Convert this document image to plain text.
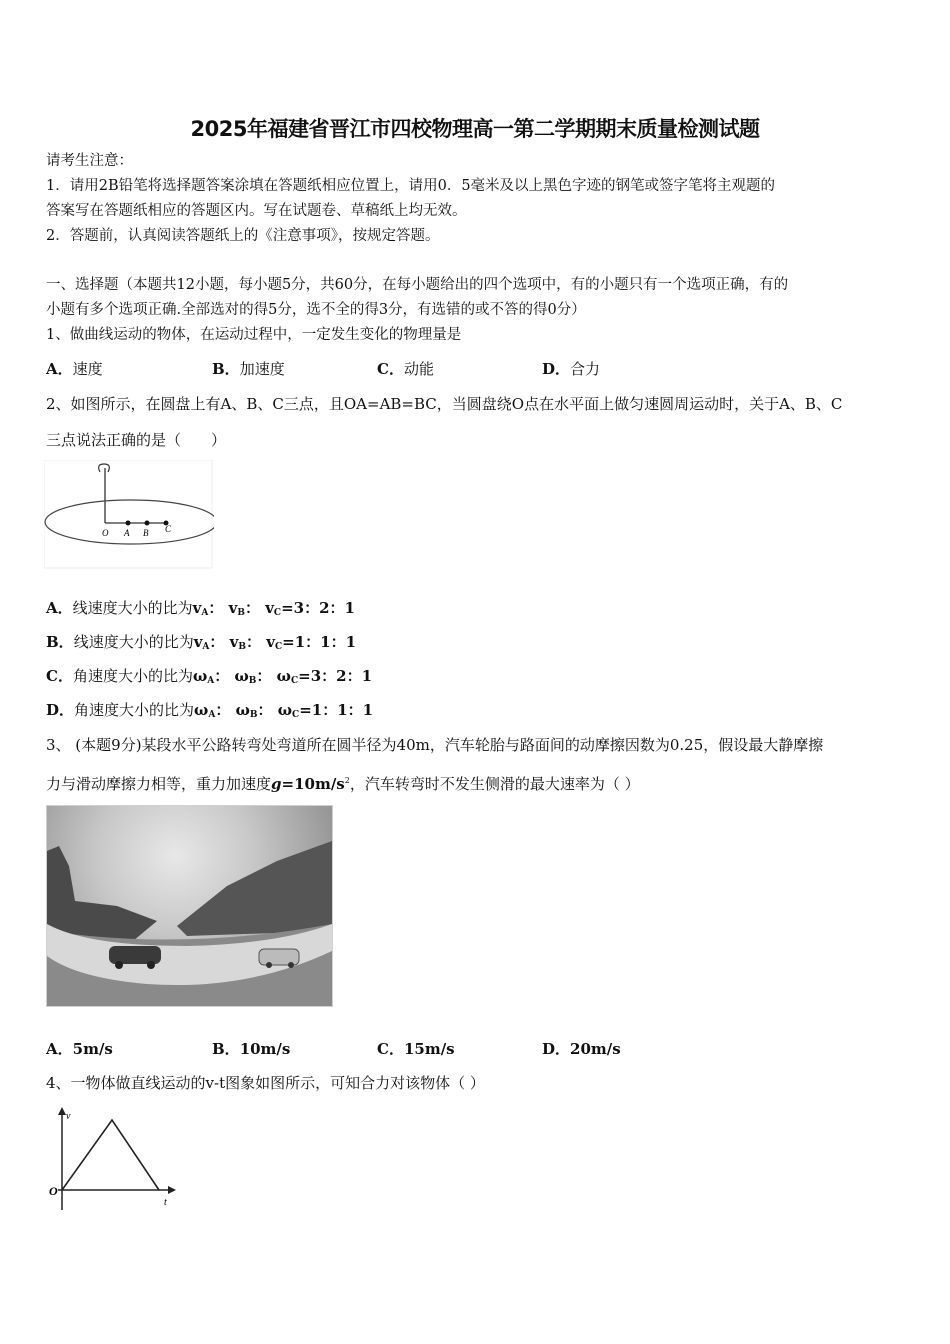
2025年福建省晋江市四校物理高一第二学期期末质量检测试题
请考生注意：
1．请用2B铅笔将选择题答案涂填在答题纸相应位置上，请用0．5毫米及以上黑色字迹的钢笔或签字笔将主观题的
答案写在答题纸相应的答题区内。写在试题卷、草稿纸上均无效。
2．答题前，认真阅读答题纸上的《注意事项》，按规定答题。
一、选择题（本题共12小题，每小题5分，共60分，在每小题给出的四个选项中，有的小题只有一个选项正确，有的
小题有多个选项正确.全部选对的得5分，选不全的得3分，有选错的或不答的得0分）
1、做曲线运动的物体，在运动过程中，一定发生变化的物理量是
A．速度	B．加速度	C．动能	D．合力
2、如图所示，在圆盘上有A、B、C三点，且OA=AB=BC，当圆盘绕O点在水平面上做匀速圆周运动时，关于A、B、C
三点说法正确的是（　　）
O A B C
A．线速度大小的比为$v_A$： $v_B$： $v_C=3$：2：1
B．线速度大小的比为$v_A$： $v_B$： $v_C=1$：1：1
C．角速度大小的比为$\omega_A$： $\omega_B$： $\omega_C=3$：2：1
D．角速度大小的比为$\omega_A$： $\omega_B$： $\omega_C=1$：1：1
3、 (本题9分)某段水平公路转弯处弯道所在圆半径为40m，汽车轮胎与路面间的动摩擦因数为0.25，假设最大静摩擦
力与滑动摩擦力相等，重力加速度$g=10m/s^2$，汽车转弯时不发生侧滑的最大速率为（ ）
A．5m/s	B．10m/s	C．15m/s	D．20m/s
4、一物体做直线运动的v-t图象如图所示，可知合力对该物体（ ）
v
t
O
